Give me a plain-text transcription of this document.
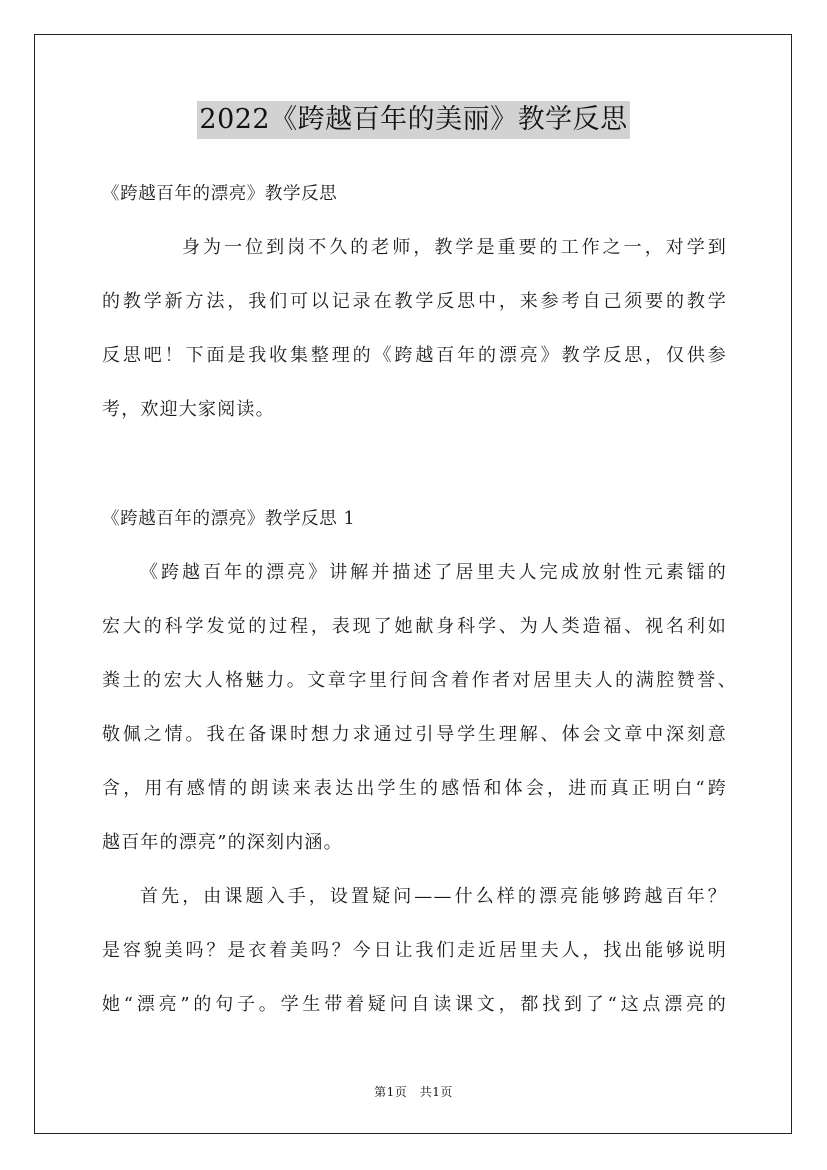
2022《跨越百年的美丽》教学反思
《跨越百年的漂亮》教学反思
身为一位到岗不久的老师，教学是重要的工作之一，对学到
的教学新方法，我们可以记录在教学反思中，来参考自己须要的教学
反思吧！下面是我收集整理的《跨越百年的漂亮》教学反思，仅供参
考，欢迎大家阅读。
《跨越百年的漂亮》教学反思 1
《跨越百年的漂亮》讲解并描述了居里夫人完成放射性元素镭的
宏大的科学发觉的过程，表现了她献身科学、为人类造福、视名利如
粪土的宏大人格魅力。文章字里行间含着作者对居里夫人的满腔赞誉、
敬佩之情。我在备课时想力求通过引导学生理解、体会文章中深刻意
含，用有感情的朗读来表达出学生的感悟和体会，进而真正明白“跨
越百年的漂亮”的深刻内涵。
首先，由课题入手，设置疑问——什么样的漂亮能够跨越百年？
是容貌美吗？是衣着美吗？今日让我们走近居里夫人，找出能够说明
她“漂亮”的句子。学生带着疑问自读课文，都找到了“这点漂亮的
第1页　共1页
